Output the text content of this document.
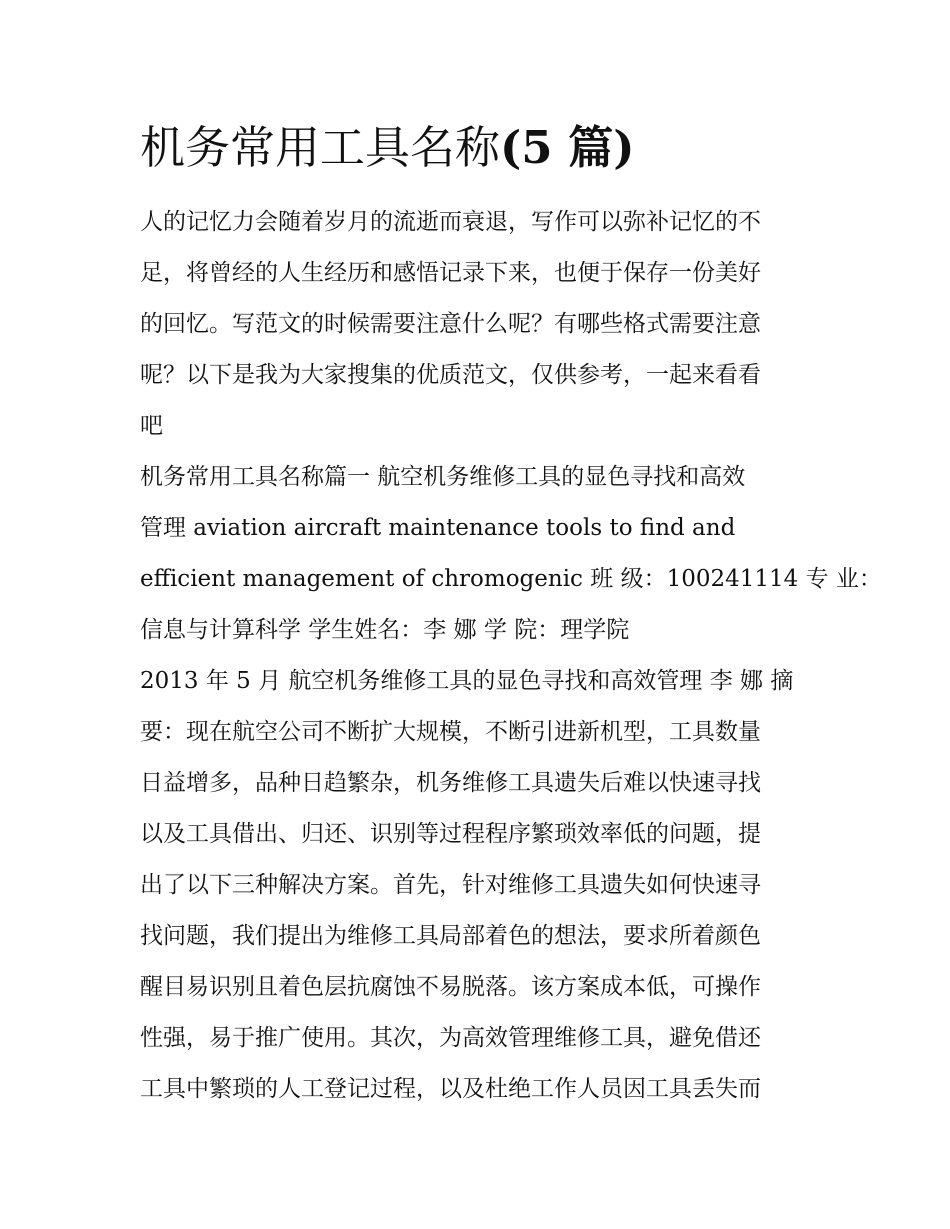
机务常用工具名称(5 篇)
人的记忆力会随着岁月的流逝而衰退，写作可以弥补记忆的不
足，将曾经的人生经历和感悟记录下来，也便于保存一份美好
的回忆。写范文的时候需要注意什么呢？有哪些格式需要注意
呢？以下是我为大家搜集的优质范文，仅供参考，一起来看看
吧
机务常用工具名称篇一 航空机务维修工具的显色寻找和高效
管理 aviation aircraft maintenance tools to find and
efficient management of chromogenic 班 级：100241114 专 业：
信息与计算科学 学生姓名：李 娜 学 院：理学院
2013 年 5 月 航空机务维修工具的显色寻找和高效管理 李 娜 摘
要：现在航空公司不断扩大规模，不断引进新机型，工具数量
日益增多，品种日趋繁杂，机务维修工具遗失后难以快速寻找
以及工具借出、归还、识别等过程程序繁琐效率低的问题，提
出了以下三种解决方案。首先，针对维修工具遗失如何快速寻
找问题，我们提出为维修工具局部着色的想法，要求所着颜色
醒目易识别且着色层抗腐蚀不易脱落。该方案成本低，可操作
性强，易于推广使用。其次，为高效管理维修工具，避免借还
工具中繁琐的人工登记过程，以及杜绝工作人员因工具丢失而
